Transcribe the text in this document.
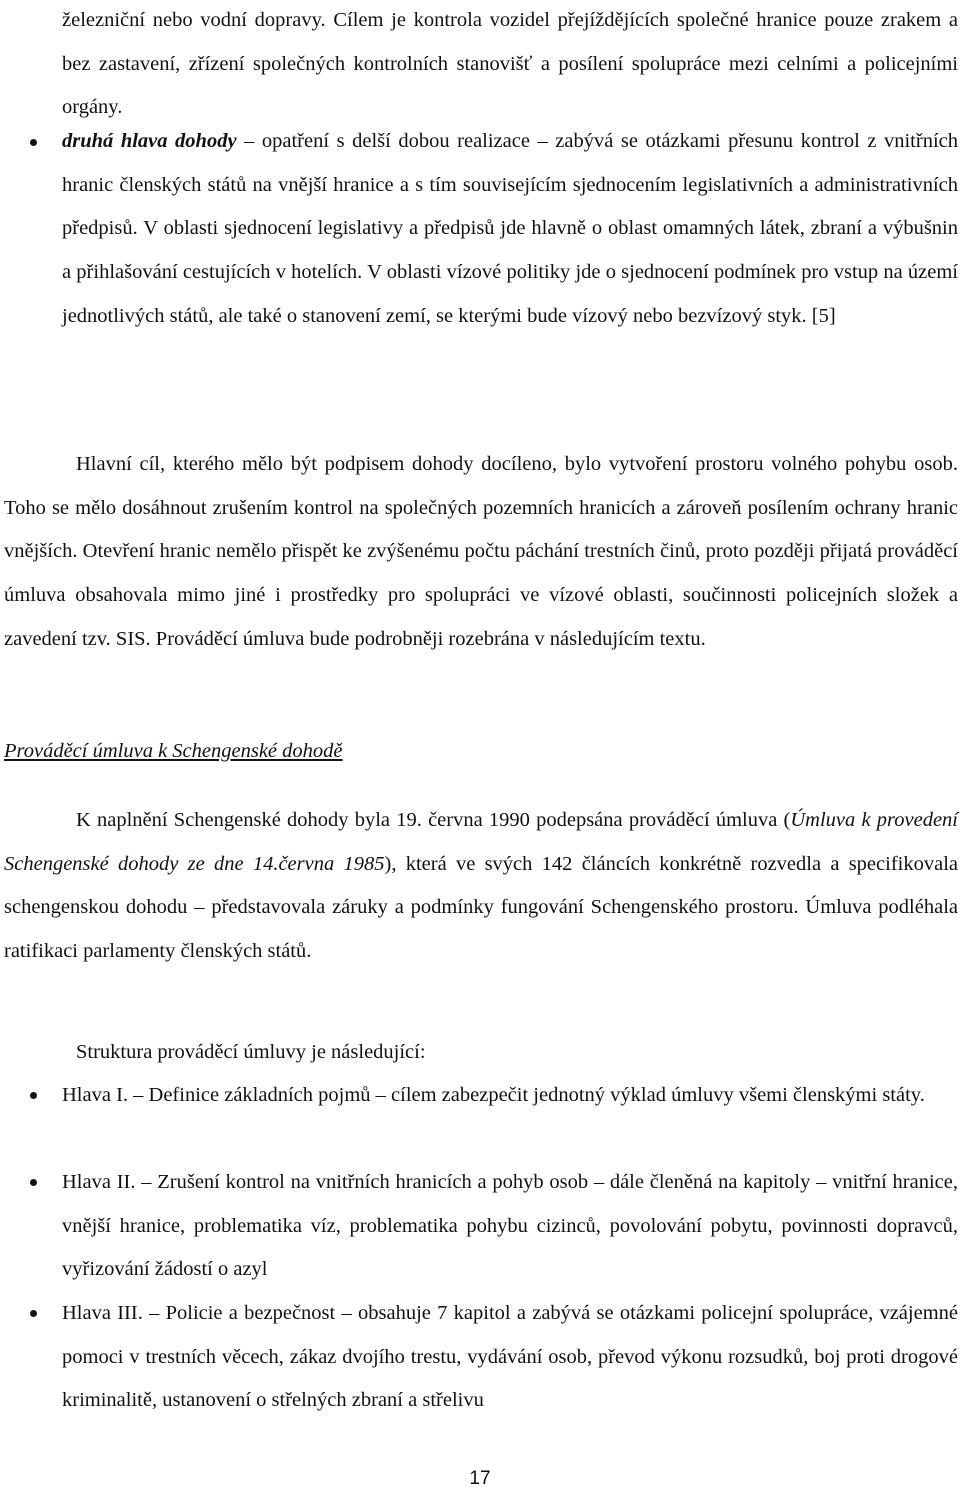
železniční nebo vodní dopravy. Cílem je kontrola vozidel přejíždějících společné hranice pouze zrakem a bez zastavení, zřízení společných kontrolních stanovišť a posílení spolupráce mezi celními a policejními orgány.

druhá hlava dohody – opatření s delší dobou realizace – zabývá se otázkami přesunu kontrol z vnitřních hranic členských států na vnější hranice a s tím souvisejícím sjednocením legislativních a administrativních předpisů. V oblasti sjednocení legislativy a předpisů jde hlavně o oblast omamných látek, zbraní a výbušnin a přihlašování cestujících v hotelích. V oblasti vízové politiky jde o sjednocení podmínek pro vstup na území jednotlivých států, ale také o stanovení zemí, se kterými bude vízový nebo bezvízový styk. [5]

Hlavní cíl, kterého mělo být podpisem dohody docíleno, bylo vytvoření prostoru volného pohybu osob. Toho se mělo dosáhnout zrušením kontrol na společných pozemních hranicích a zároveň posílením ochrany hranic vnějších. Otevření hranic nemělo přispět ke zvýšenému počtu páchání trestních činů, proto později přijatá prováděcí úmluva obsahovala mimo jiné i prostředky pro spolupráci ve vízové oblasti, součinnosti policejních složek a zavedení tzv. SIS. Prováděcí úmluva bude podrobněji rozebrána v následujícím textu.

Prováděcí úmluva k Schengenské dohodě

K naplnění Schengenské dohody byla 19. června 1990 podepsána prováděcí úmluva (Úmluva k provedení Schengenské dohody ze dne 14.června 1985), která ve svých 142 článcích konkrétně rozvedla a specifikovala schengenskou dohodu – představovala záruky a podmínky fungování Schengenského prostoru. Úmluva podléhala ratifikaci parlamenty členských států.

Struktura prováděcí úmluvy je následující:

Hlava I. – Definice základních pojmů – cílem zabezpečit jednotný výklad úmluvy všemi členskými státy.

Hlava II. – Zrušení kontrol na vnitřních hranicích a pohyb osob – dále členěná na kapitoly – vnitřní hranice, vnější hranice, problematika víz, problematika pohybu cizinců, povolování pobytu, povinnosti dopravců, vyřizování žádostí o azyl

Hlava III. – Policie a bezpečnost – obsahuje 7 kapitol a zabývá se otázkami policejní spolupráce, vzájemné pomoci v trestních věcech, zákaz dvojího trestu, vydávání osob, převod výkonu rozsudků, boj proti drogové kriminalitě, ustanovení o střelných zbraní a střelivu

17
